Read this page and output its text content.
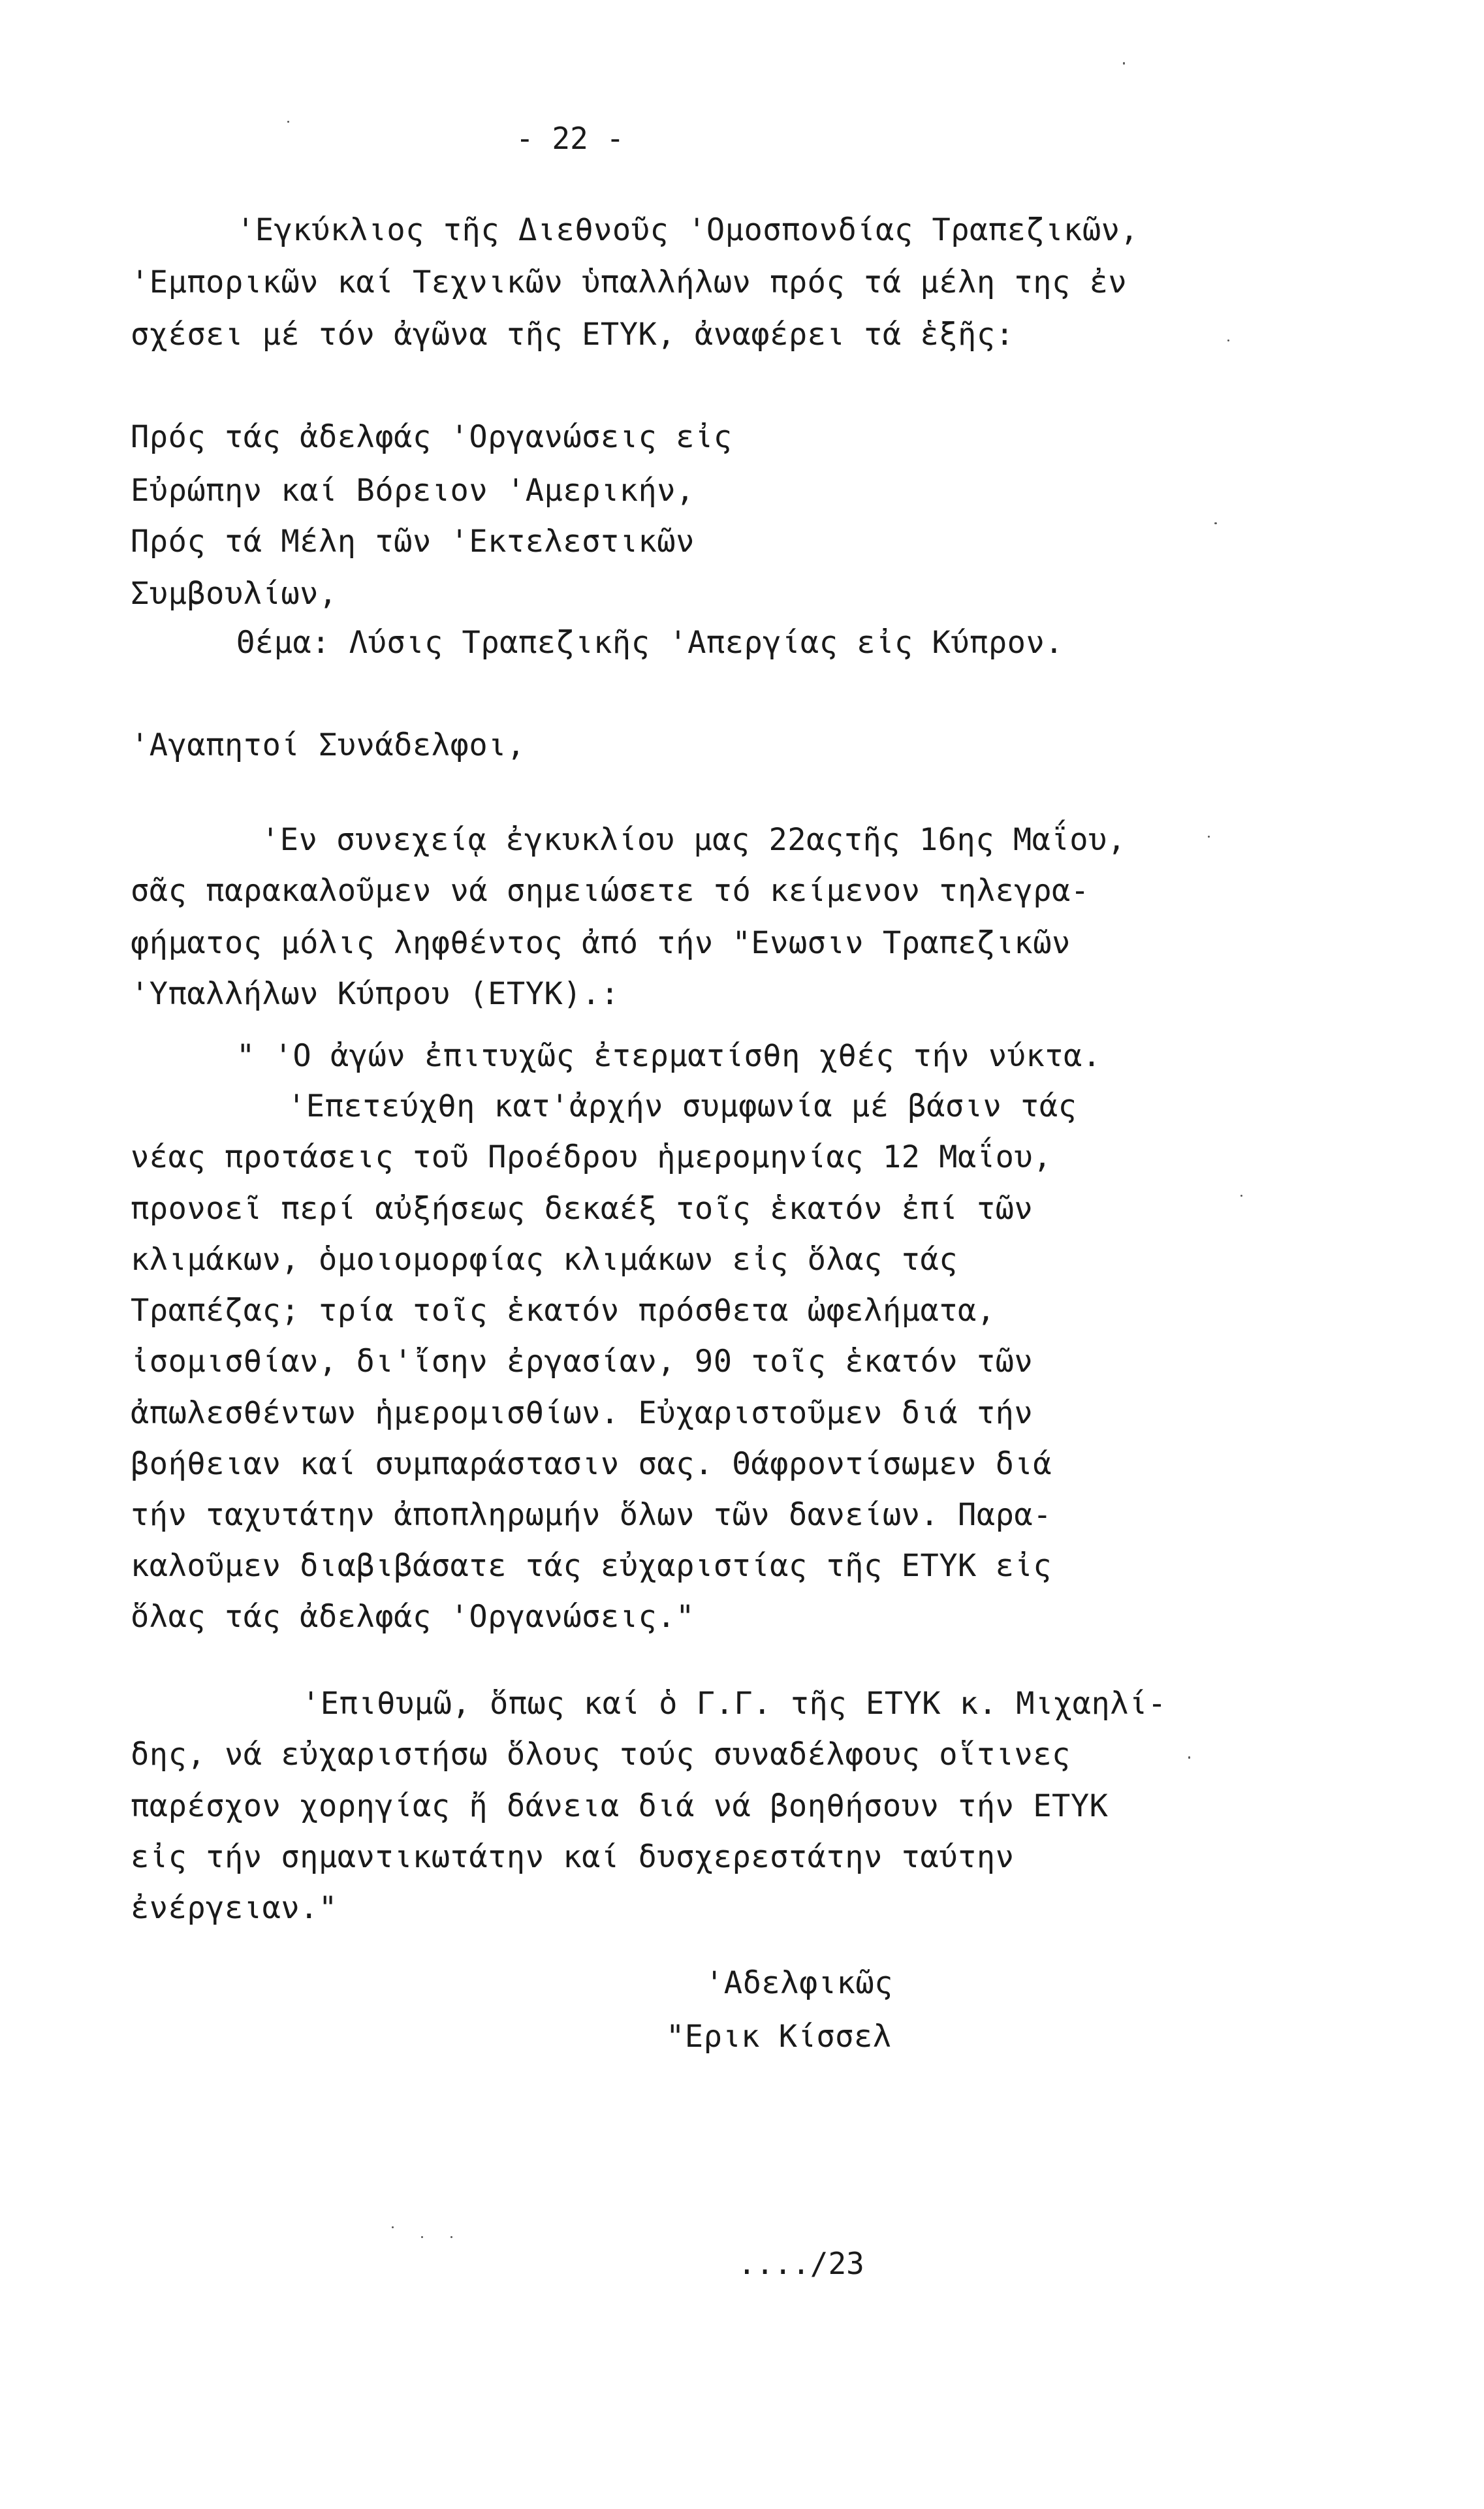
- 22 -
'Εγκύκλιος τῆς Διεθνοῦς 'Ομοσπονδίας Τραπεζικῶν,
'Εμπορικῶν καί Τεχνικῶν ὑπαλλήλων πρός τά μέλη της ἐν
σχέσει μέ τόν ἀγῶνα τῆς ΕΤΥΚ, ἀναφέρει τά ἑξῆς:
Πρός τάς ἀδελφάς 'Οργανώσεις εἰς
Εὐρώπην καί Βόρειον 'Αμερικήν,
Πρός τά Μέλη τῶν 'Εκτελεστικῶν
Συμβουλίων,
Θέμα: Λύσις Τραπεζικῆς 'Απεργίας εἰς Κύπρον.
'Αγαπητοί Συνάδελφοι,
'Εν συνεχείᾳ ἐγκυκλίου μας 22αςτῆς 16ης Μαΐου,
σᾶς παρακαλοῦμεν νά σημειώσετε τό κείμενον τηλεγρα-
φήματος μόλις ληφθέντος ἀπό τήν "Ενωσιν Τραπεζικῶν
'Υπαλλήλων Κύπρου (ΕΤΥΚ).:
" 'Ο ἀγών ἐπιτυχῶς ἐτερματίσθη χθές τήν νύκτα.
'Επετεύχθη κατ'ἀρχήν συμφωνία μέ βάσιν τάς
νέας προτάσεις τοῦ Προέδρου ἡμερομηνίας 12 Μαΐου,
προνοεῖ περί αὐξήσεως δεκαέξ τοῖς ἑκατόν ἐπί τῶν
κλιμάκων, ὁμοιομορφίας κλιμάκων εἰς ὅλας τάς
Τραπέζας; τρία τοῖς ἑκατόν πρόσθετα ὠφελήματα,
ἰσομισθίαν, δι'ἴσην ἐργασίαν, 90 τοῖς ἑκατόν τῶν
ἀπωλεσθέντων ἡμερομισθίων. Εὐχαριστοῦμεν διά τήν
βοήθειαν καί συμπαράστασιν σας. Θάφροντίσωμεν διά
τήν ταχυτάτην ἀποπληρωμήν ὅλων τῶν δανείων. Παρα-
καλοῦμεν διαβιβάσατε τάς εὐχαριστίας τῆς ΕΤΥΚ εἰς
ὅλας τάς ἀδελφάς 'Οργανώσεις."
'Επιθυμῶ, ὅπως καί ὁ Γ.Γ. τῆς ΕΤΥΚ κ. Μιχαηλί-
δης, νά εὐχαριστήσω ὅλους τούς συναδέλφους οἵτινες
παρέσχον χορηγίας ἤ δάνεια διά νά βοηθήσουν τήν ΕΤΥΚ
εἰς τήν σημαντικωτάτην καί δυσχερεστάτην ταύτην
ἐνέργειαν."
'Αδελφικῶς
"Ερικ Κίσσελ
..../23
